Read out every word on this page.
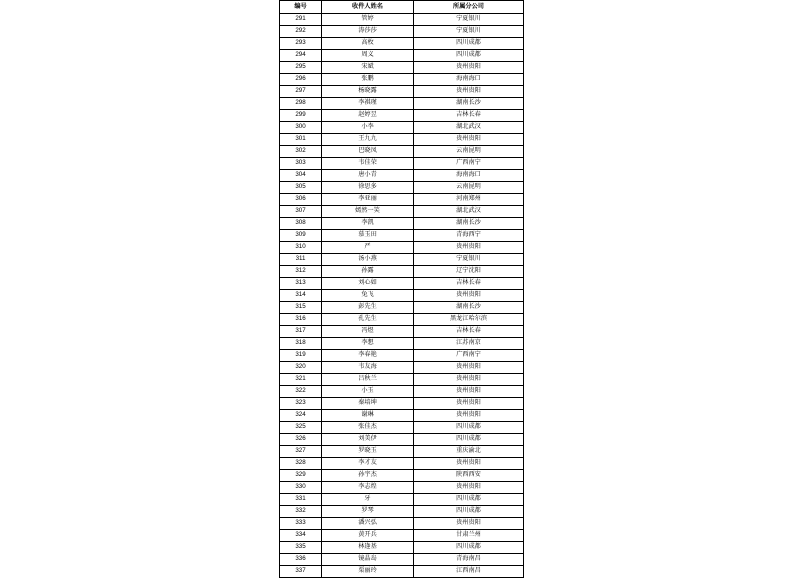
编号	收件人姓名	所属分公司
291	管婷	宁夏银川
292	涛莎莎	宁夏银川
293	高枚	四川成都
294	周义	四川成都
295	宋斌	贵州贵阳
296	张鹏	海南海口
297	杨晓露	贵州贵阳
298	李祺瑾	湖南长沙
299	赵婷昱	吉林长春
300	小李	湖北武汉
301	王九九	贵州贵阳
302	巴晓凤	云南昆明
303	韦佳荣	广西南宁
304	唐小青	海南海口
305	徐思多	云南昆明
306	李亚丽	河南郑州
307	嫣然一笑	湖北武汉
308	李凯	湖南长沙
309	慕玉田	青海西宁
310	严	贵州贵阳
311	汤小燕	宁夏银川
312	孙露	辽宁沈阳
313	刘心如	吉林长春
314	兔飞	贵州贵阳
315	彭先生	湖南长沙
316	孔先生	黑龙江哈尔滨
317	冯煜	吉林长春
318	李想	江苏南京
319	李春艳	广西南宁
320	韦友海	贵州贵阳
321	吕秋兰	贵州贵阳
322	小玉	贵州贵阳
323	秦培坤	贵州贵阳
324	谢琳	贵州贵阳
325	张佳杰	四川成都
326	刘美伊	四川成都
327	罗晓玉	重庆渝北
328	李才友	贵州贵阳
329	孙宇杰	陕西西安
330	李志煌	贵州贵阳
331	牙	四川成都
332	罗琴	四川成都
333	潘兴弘	贵州贵阳
334	黄开兵	甘肃兰州
335	林逢基	四川成都
336	镜晶岛	青海南昌
337	栗丽玲	江西南昌
